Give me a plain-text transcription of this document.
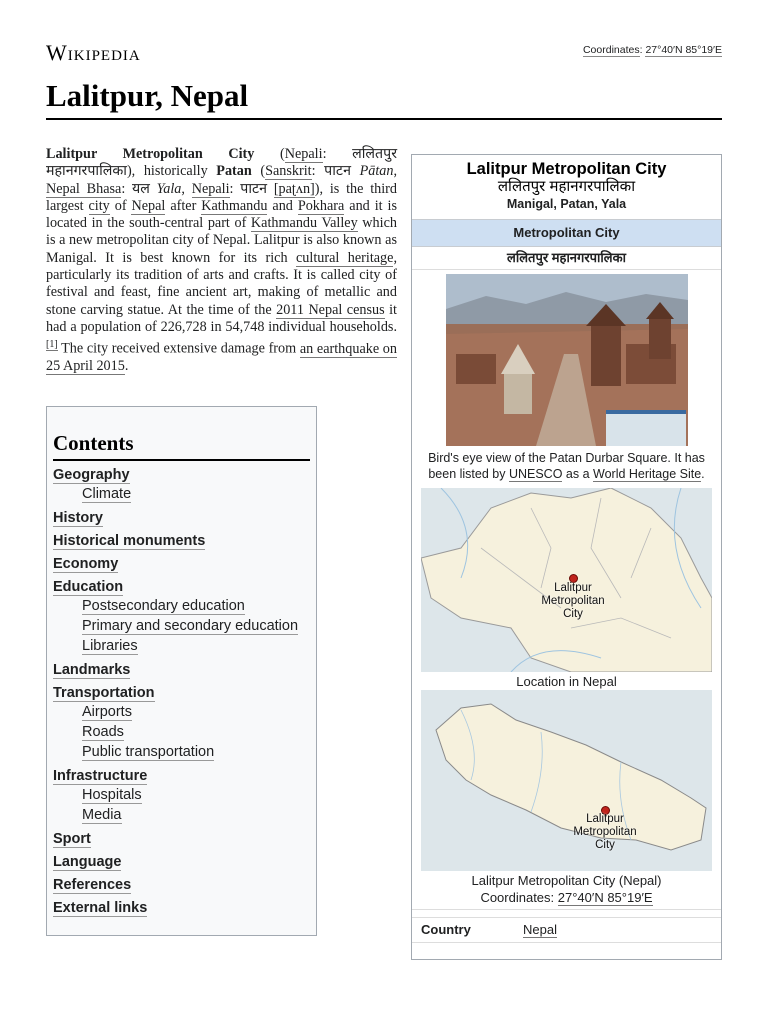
Wikipedia	Coordinates: 27°40′N 85°19′E
Lalitpur, Nepal
Lalitpur Metropolitan City (Nepali: ललितपुर महानगरपालिका), historically Patan (Sanskrit: पाटन Pātan, Nepal Bhasa: यल Yala, Nepali: पाटन [paʈʌn]), is the third largest city of Nepal after Kathmandu and Pokhara and it is located in the south-central part of Kathmandu Valley which is a new metropolitan city of Nepal. Lalitpur is also known as Manigal. It is best known for its rich cultural heritage, particularly its tradition of arts and crafts. It is called city of festival and feast, fine ancient art, making of metallic and stone carving statue. At the time of the 2011 Nepal census it had a population of 226,728 in 54,748 individual households.[1] The city received extensive damage from an earthquake on 25 April 2015.
Contents
Geography
Climate
History
Historical monuments
Economy
Education
Postsecondary education
Primary and secondary education
Libraries
Landmarks
Transportation
Airports
Roads
Public transportation
Infrastructure
Hospitals
Media
Sport
Language
References
External links
Lalitpur Metropolitan City
ललितपुर महानगरपालिका
Manigal, Patan, Yala
Metropolitan City
ललितपुर महानगरपालिका
Bird's eye view of the Patan Durbar Square. It has been listed by UNESCO as a World Heritage Site.
Lalitpur Metropolitan City
Location in Nepal
Lalitpur Metropolitan City
Lalitpur Metropolitan City (Nepal)
Coordinates: 27°40′N 85°19′E
Country	Nepal
